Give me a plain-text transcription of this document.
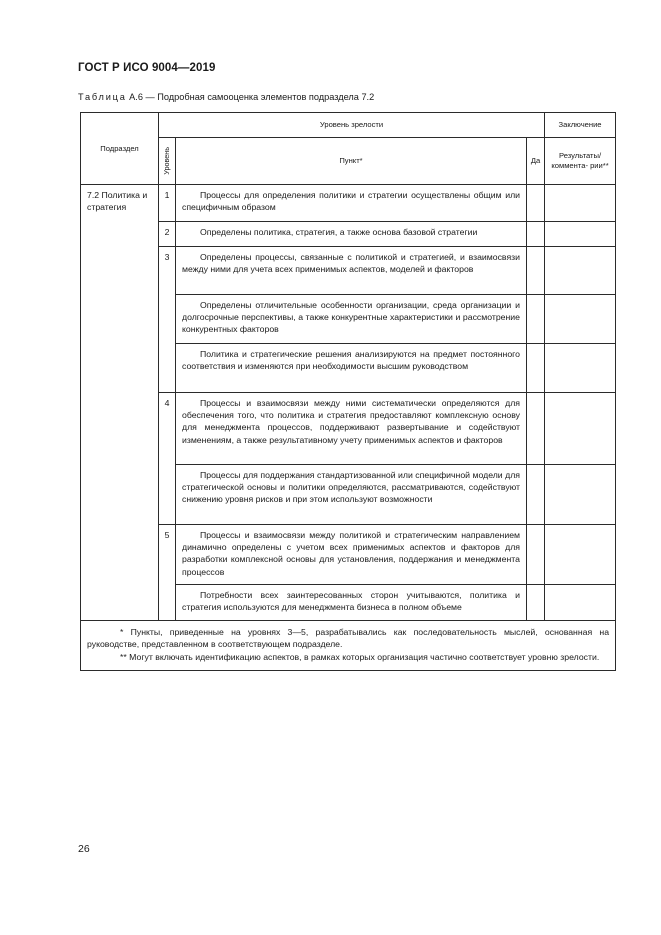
ГОСТ Р ИСО 9004—2019
Таблица А.6 — Подробная самооценка элементов подраздела 7.2
Подраздел	Уровень зрелости			Заключение

	Уровень	Пункт*	Да	Результаты/ коммента- рии**
7.2 Политика и стратегия	1	Процессы для определения политики и стратегии осуществлены общим или специфичным образом		

	2	Определены политика, стратегия, а также основа базовой стратегии		

	3	Определены процессы, связанные с политикой и стратегией, и взаимосвязи между ними для учета всех применимых аспектов, моделей и факторов		

		Определены отличительные особенности организации, среда организации и долгосрочные перспективы, а также конкурентные характеристики и рассмотрение конкурентных факторов		

		Политика и стратегические решения анализируются на предмет постоянного соответствия и изменяются при необходимости высшим руководством		

	4	Процессы и взаимосвязи между ними систематически определяются для обеспечения того, что политика и стратегия предоставляют комплексную основу для менеджмента процессов, поддерживают развертывание и содействуют изменениям, а также результативному учету применимых аспектов и факторов		

		Процессы для поддержания стандартизованной или специфичной модели для стратегической основы и политики определяются, рассматриваются, содействуют снижению уровня рисков и при этом используют возможности		

	5	Процессы и взаимосвязи между политикой и стратегическим направлением динамично определены с учетом всех применимых аспектов и факторов для разработки комплексной основы для установления, поддержания и менеджмента процессов		

		Потребности всех заинтересованных сторон учитываются, политика и стратегия используются для менеджмента бизнеса в полном объеме		

* Пункты, приведенные на уровнях 3—5, разрабатывались как последовательность мыслей, основанная на руководстве, представленном в соответствующем подразделе.

** Могут включать идентификацию аспектов, в рамках которых организация частично соответствует уровню зрелости.				

26
